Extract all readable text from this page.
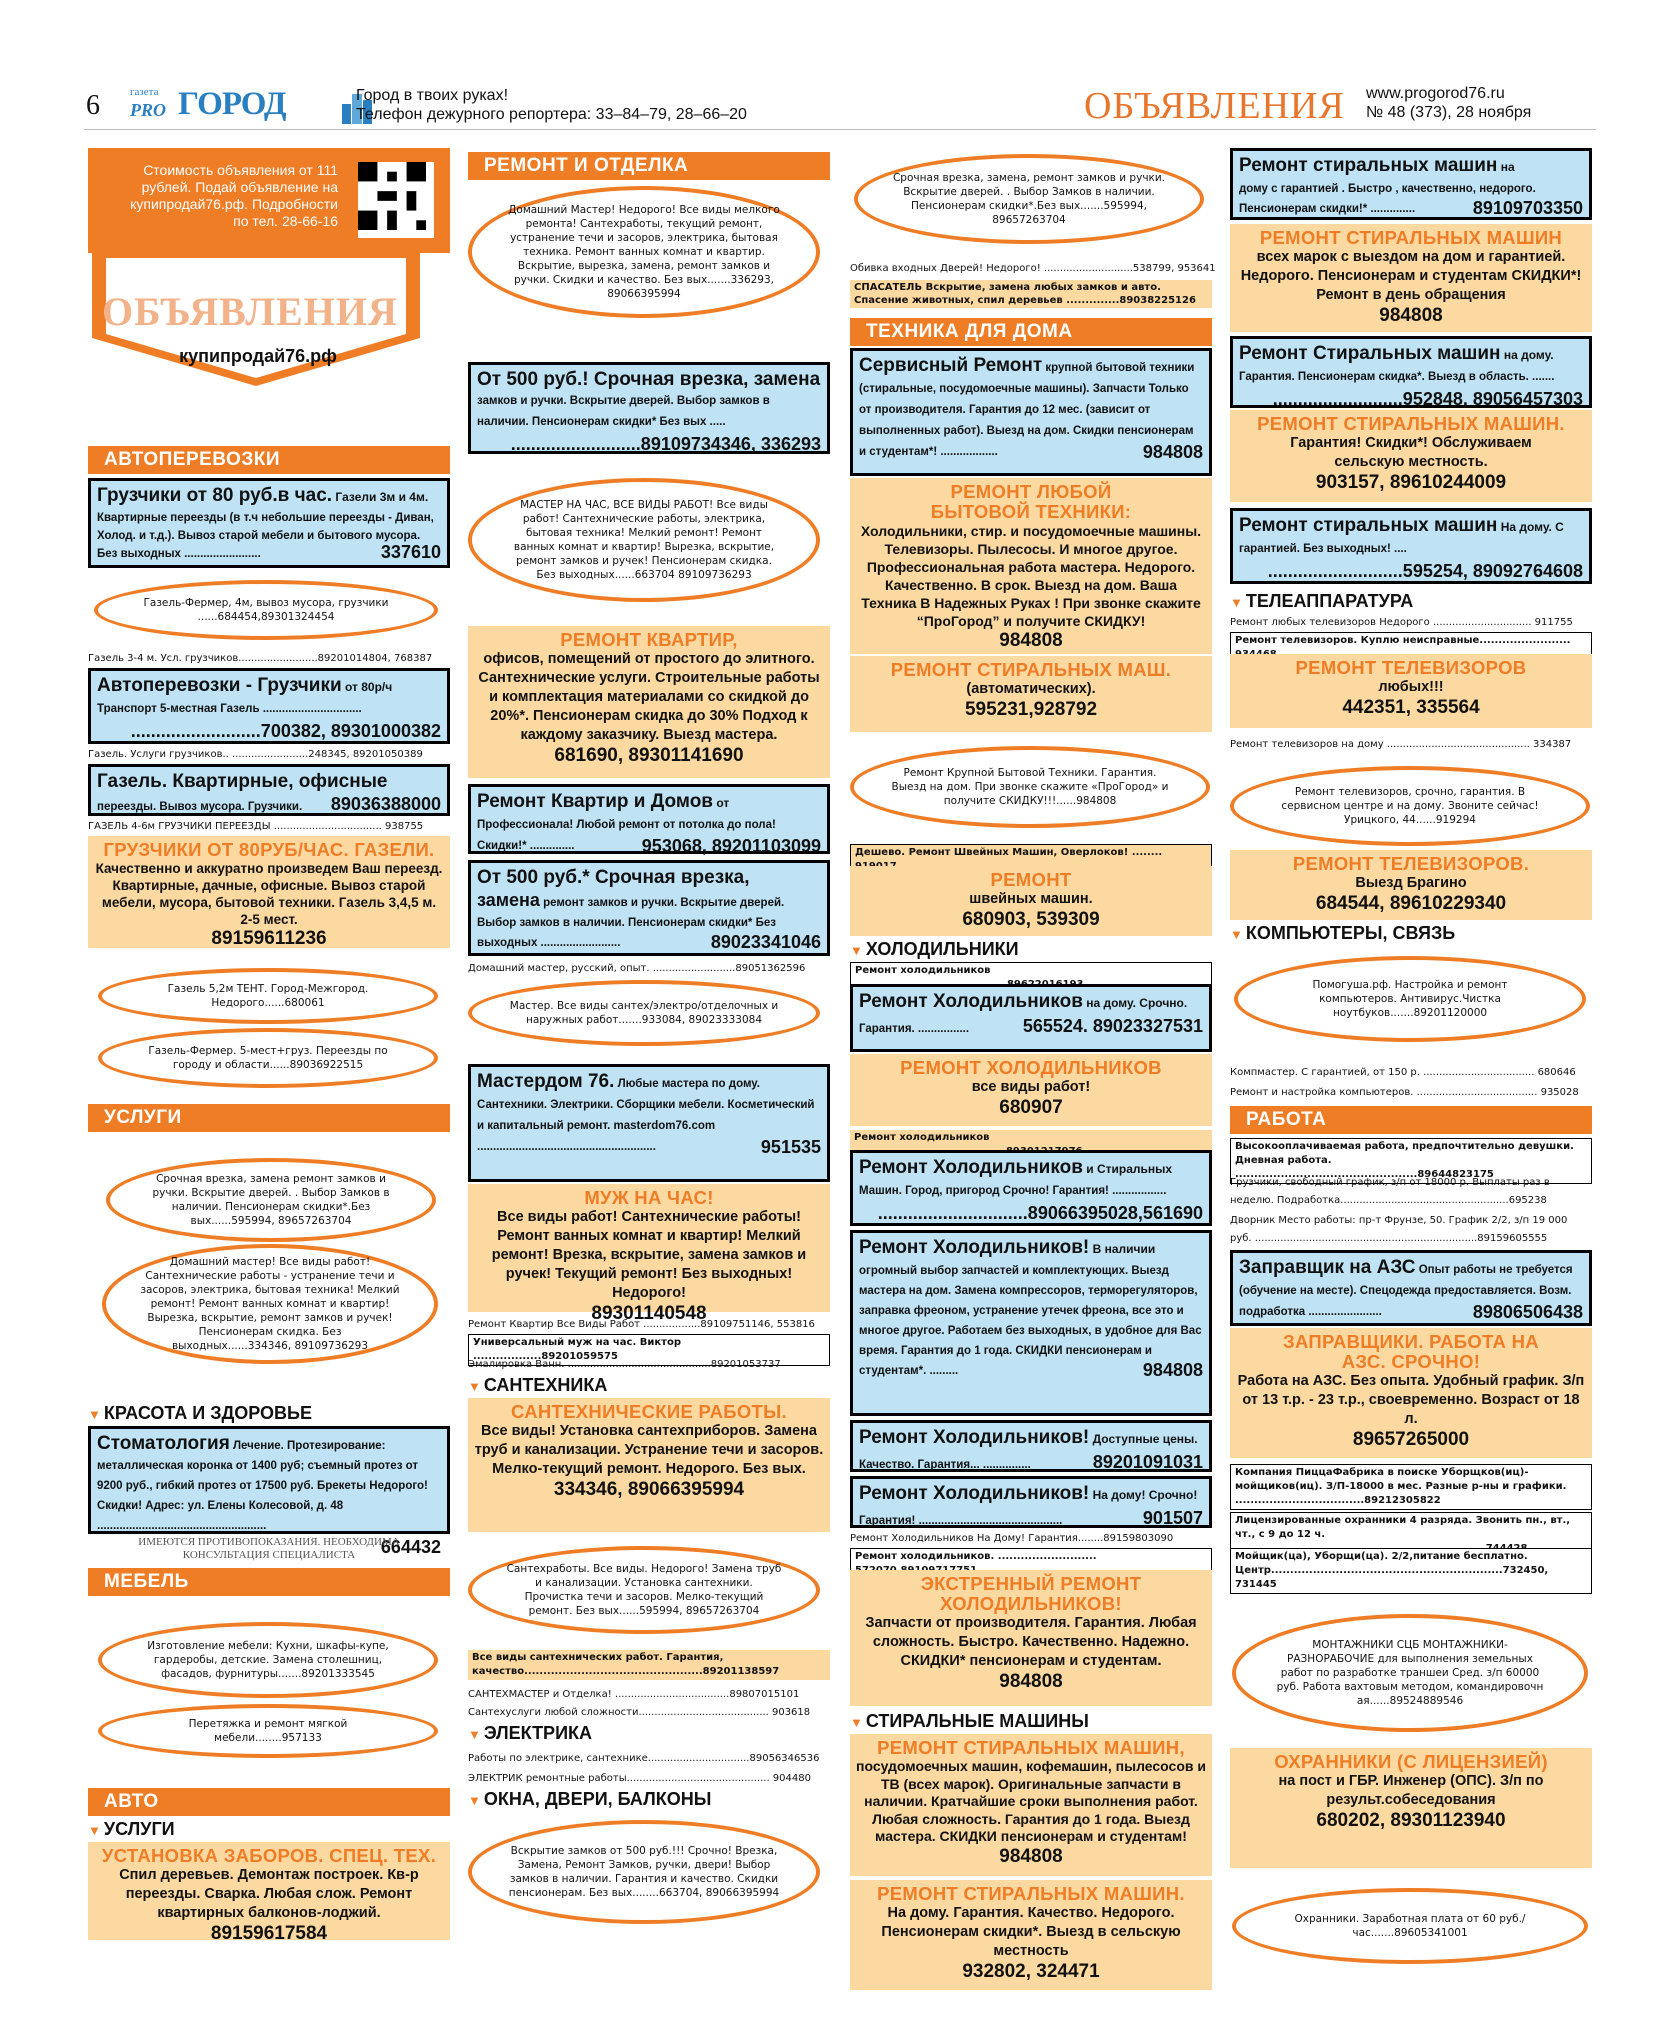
6	газета
PRO ГОРОД	Город в твоих руках!
Телефон дежурного репортера: 33–84–79, 28–66–20	ОБЪЯВЛЕНИЯ www.progorod76.ru
№ 48 (373), 28 ноября
Стоимость объявления от 111 рублей. Подай объявление на купипродай76.рф. Подробности по тел. 28-66-16
ОБЪЯВЛЕНИЯ
купипродай76.рф
АВТОПЕРЕВОЗКИ
Грузчики от 80 руб.в час. Газели 3м и 4м.
Квартирные переезды (в т.ч небольшие переезды - Диван, Холод. и т.д.). Вывоз старой мебели и бытового мусора. Без выходных ........................	337610
Газель-Фермер, 4м, вывоз мусора, грузчики ......684454,89301324454
Газель 3-4 м. Усл. грузчиков.........................89201014804, 768387
Автоперевозки - Грузчики от 80р/ч
Транспорт 5-местная Газель ...............................
..........................700382, 89301000382
Газель. Услуги грузчиков.. ........................248345, 89201050389
Газель. Квартирные, офисные
переезды. Вывоз мусора. Грузчики. 89036388000
ГАЗЕЛЬ 4-6м ГРУЗЧИКИ ПЕРЕЕЗДЫ .................................. 938755
ГРУЗЧИКИ ОТ 80РУБ/ЧАС. ГАЗЕЛИ.
Качественно и аккуратно произведем Ваш переезд. Квартирные, дачные, офисные. Вывоз старой мебели, мусора, бытовой техники. Газель 3,4,5 м. 2-5 мест.
89159611236
Газель 5,2м ТЕНТ. Город-Межгород. Недорого......680061
Газель-Фермер. 5-мест+груз. Переезды по городу и области......89036922515
УСЛУГИ
Срочная врезка, замена ремонт замков и ручки. Вскрытие дверей. . Выбор Замков в наличии. Пенсионерам скидки*.Без вых......595994, 89657263704
Домашний мастер! Все виды работ! Сантехнические работы - устранение течи и засоров, электрика, бытовая техника! Мелкий ремонт! Ремонт ванных комнат и квартир! Вырезка, вскрытие, ремонт замков и ручек! Пенсионерам скидка. Без выходных......334346, 89109736293
▼ КРАСОТА И ЗДОРОВЬЕ
Стоматология Лечение. Протезирование: металлическая коронка от 1400 руб; съемный протез от 9200 руб., гибкий протез от 17500 руб. Брекеты Недорого! Скидки! Адрес: ул. Елены Колесовой, д. 48 .....................................................
664432
ИМЕЮТСЯ ПРОТИВОПОКАЗАНИЯ. НЕОБХОДИМА КОНСУЛЬТАЦИЯ СПЕЦИАЛИСТА
МЕБЕЛЬ
Изготовление мебели: Кухни, шкафы-купе, гардеробы, детские. Замена столешниц, фасадов, фурнитуры.......89201333545
Перетяжка и ремонт мягкой мебели........957133
АВТО
▼ УСЛУГИ
УСТАНОВКА ЗАБОРОВ. СПЕЦ. ТЕХ.
Спил деревьев. Демонтаж построек. Кв-р переезды. Сварка. Любая слож. Ремонт квартирных балконов-лоджий.
89159617584
РЕМОНТ И ОТДЕЛКА
Домашний Мастер! Недорого! Все виды мелкого ремонта! Сантехработы, текущий ремонт, устранение течи и засоров, электрика, бытовая техника. Ремонт ванных комнат и квартир. Вскрытие, вырезка, замена, ремонт замков и ручки. Скидки и качество. Без вых.......336293, 89066395994
От 500 руб.! Срочная врезка, замена
замков и ручки. Вскрытие дверей. Выбор замков в наличии. Пенсионерам скидки* Без вых .....
..........................89109734346, 336293
МАСТЕР НА ЧАС, ВСЕ ВИДЫ РАБОТ! Все виды работ! Сантехнические работы, электрика, бытовая техника! Мелкий ремонт! Ремонт ванных комнат и квартир! Вырезка, вскрытие, ремонт замков и ручек! Пенсионерам скидка. Без выходных......663704 89109736293
РЕМОНТ КВАРТИР,
офисов, помещений от простого до элитного. Сантехнические услуги. Строительные работы и комплектация материалами со скидкой до 20%*. Пенсионерам скидка до 30% Подход к каждому заказчику. Выезд мастера.
681690, 89301141690
Ремонт Квартир и Домов от
Профессионала! Любой ремонт от потолка до пола! Скидки!* ..............	953068, 89201103099
От 500 руб.* Срочная врезка,
замена ремонт замков и ручки. Вскрытие дверей. Выбор замков в наличии. Пенсионерам скидки* Без выходных .........................	89023341046
Домашний мастер, русский, опыт. ..........................89051362596
Мастер. Все виды сантех/электро/отделочных и наружных работ.......933084, 89023333084
Мастердом 76. Любые мастера по дому. Сантехники. Электрики. Сборщики мебели. Косметический и капитальный ремонт. masterdom76.com ........................................................	951535
МУЖ НА ЧАС!
Все виды работ! Сантехнические работы! Ремонт ванных комнат и квартир! Мелкий ремонт! Врезка, вскрытие, замена замков и ручек! Текущий ремонт! Без выходных! Недорого!
89301140548
Ремонт Квартир Все Виды Работ ..................89109751146, 553816
Универсальный муж на час. Виктор ..................89201059575
Эмалировка Ванн. .............................................89201053737
▼ САНТЕХНИКА
САНТЕХНИЧЕСКИЕ РАБОТЫ.
Все виды! Установка сантехприборов. Замена труб и канализации. Устранение течи и засоров. Мелко-текущий ремонт. Недорого. Без вых.
334346, 89066395994
Сантехработы. Все виды. Недорого! Замена труб и канализации. Установка сантехники. Прочистка течи и засоров. Мелко-текущий ремонт. Без вых......595994, 89657263704
Все виды сантехнических работ. Гарантия, качество...............................................89201138597
САНТЕХМАСТЕР и Отделка! ....................................89807015101
Сантехуслуги любой сложности......................................... 903618
▼ ЭЛЕКТРИКА
Работы по электрике, сантехнике................................89056346536
ЭЛЕКТРИК ремонтные работы............................................. 904480
▼ ОКНА, ДВЕРИ, БАЛКОНЫ
Вскрытие замков от 500 руб.!!! Срочно! Врезка, Замена, Ремонт Замков, ручки, двери! Выбор замков в наличии. Гарантия и качество. Скидки пенсионерам. Без вых........663704, 89066395994
Срочная врезка, замена, ремонт замков и ручки. Вскрытие дверей. . Выбор Замков в наличии. Пенсионерам скидки*.Без вых.......595994, 89657263704
Обивка входных Дверей! Недорого! ............................538799, 953641
СПАСАТЕЛЬ Вскрытие, замена любых замков и авто. Спасение животных, спил деревьев ..............89038225126
ТЕХНИКА ДЛЯ ДОМА
Сервисный Ремонт крупной бытовой техники (стиральные, посудомоечные машины). Запчасти Только от производителя. Гарантия до 12 мес. (зависит от выполненных работ). Выезд на дом. Скидки пенсионерам и студентам*! ..................	984808
РЕМОНТ ЛЮБОЙ БЫТОВОЙ ТЕХНИКИ:
Холодильники, стир. и посудомоечные машины. Телевизоры. Пылесосы. И многое другое. Профессиональная работа мастера. Недорого. Качественно. В срок. Выезд на дом. Ваша Техника В Надежных Руках ! При звонке скажите “ПроГород” и получите СКИДКУ!
984808
РЕМОНТ СТИРАЛЬНЫХ МАШ.
(автоматических).
595231,928792
Ремонт Крупной Бытовой Техники. Гарантия. Выезд на дом. При звонке скажите «ПроГород» и получите СКИДКУ!!!......984808
Дешево. Ремонт Швейных Машин, Оверлоков! ........
РЕМОНТ
швейных машин.
680903, 539309
▼ ХОЛОДИЛЬНИКИ
Ремонт холодильников
Ремонт Холодильников на дому. Срочно.
Гарантия. ................	565524. 89023327531
РЕМОНТ ХОЛОДИЛЬНИКОВ
все виды работ!
680907
Ремонт холодильников
Ремонт Холодильников и Стиральных
Машин. Город, пригород Срочно! Гарантия! .................
..............................89066395028,561690
Ремонт Холодильников! В наличии
огромный выбор запчастей и комплектующих. Выезд мастера на дом. Замена компрессоров, терморегуляторов, заправка фреоном, устранение утечек фреона, все это и многое другое. Работаем без выходных, в удобное для Вас время. Гарантия до 1 года. СКИДКИ пенсионерам и студентам*. .........	984808
Ремонт Холодильников! Доступные цены.
Качество. Гарантия... ...............	89201091031
Ремонт Холодильников! На дому! Срочно!
Гарантия! .............................................	901507
Ремонт Холодильников На Дому! Гарантия........89159803090
Ремонт холодильников. ..........................
ЭКСТРЕННЫЙ РЕМОНТ ХОЛОДИЛЬНИКОВ!
Запчасти от производителя. Гарантия. Любая сложность. Быстро. Качественно. Надежно. СКИДКИ* пенсионерам и студентам.
984808
▼ СТИРАЛЬНЫЕ МАШИНЫ
РЕМОНТ СТИРАЛЬНЫХ МАШИН,
посудомоечных машин, кофемашин, пылесосов и ТВ (всех марок). Оригинальные запчасти в наличии. Кратчайшие сроки выполнения работ. Любая сложность. Гарантия до 1 года. Выезд мастера. СКИДКИ пенсионерам и студентам!
984808
РЕМОНТ СТИРАЛЬНЫХ МАШИН.
На дому. Гарантия. Качество. Недорого. Пенсионерам скидки*. Выезд в сельскую местность
932802, 324471
Ремонт стиральных машин на
дому с гарантией . Быстро , качественно, недорого. Пенсионерам скидки!* ..............	89109703350
РЕМОНТ СТИРАЛЬНЫХ МАШИН
всех марок с выездом на дом и гарантией. Недорого. Пенсионерам и студентам СКИДКИ*! Ремонт в день обращения
984808
Ремонт Стиральных машин на дому.
Гарантия. Пенсионерам скидка*. Выезд в область. .......
..........................952848, 89056457303
РЕМОНТ СТИРАЛЬНЫХ МАШИН.
Гарантия! Скидки*! Обслуживаем сельскую местность.
903157, 89610244009
Ремонт стиральных машин На дому. С
гарантией. Без выходных! ....
...........................595254, 89092764608
▼ ТЕЛЕАППАРАТУРА
Ремонт любых телевизоров Недорого ............................... 911755
Ремонт телевизоров. Куплю неисправные........................
РЕМОНТ ТЕЛЕВИЗОРОВ
любых!!!
442351, 335564
Ремонт телевизоров на дому ............................................. 334387
Ремонт телевизоров, срочно, гарантия. В сервисном центре и на дому. Звоните сейчас! Урицкого, 44......919294
РЕМОНТ ТЕЛЕВИЗОРОВ.
Выезд Брагино
684544, 89610229340
▼ КОМПЬЮТЕРЫ, СВЯЗЬ
Помогуша.рф. Настройка и ремонт компьютеров. Антивирус.Чистка ноутбуков.......89201120000
Компмастер. С гарантией, от 150 р. ................................... 680646
Ремонт и настройка компьютеров. ...................................... 935028
РАБОТА
Высокооплачиваемая работа, предпочтительно девушки. Дневная работа. ................................................89644823175
Грузчики, свободный график, з/п от 18000 р. Выплаты раз в неделю. Подработка.....................................................695238
Дворник Место работы: пр-т Фрунзе, 50. График 2/2, з/п 19 000 руб. ......................................................................89159605555
Заправщик на АЗС Опыт работы не требуется (обучение на месте). Спецодежда предоставляется. Возм. подработка .......................	89806506438
ЗАПРАВЩИКИ. РАБОТА НА АЗС. СРОЧНО!
Работа на АЗС. Без опыта. Удобный график. З/п от 13 т.р. - 23 т.р., своевременно. Возраст от 18 л.
89657265000
Компания ПиццаФабрика в поиске Уборщков(иц)-мойщиков(иц). З/П-18000 в мес. Разные р-ны и графики. ..................................89212305822
Лицензированные охранники 4 разряда. Звонить пн., вт., чт., с 9 до 12 ч.
Мойщик(ца), Уборщи(ца). 2/2,питание бесплатно. Центр.............................................................732450, 731445
МОНТАЖНИКИ СЦБ МОНТАЖНИКИ-РАЗНОРАБОЧИЕ для выполнения земельных работ по разработке траншеи Сред. з/п 60000 руб. Работа вахтовым методом, командировочн ая......89524889546
ОХРАННИКИ (С ЛИЦЕНЗИЕЙ)
на пост и ГБР. Инженер (ОПС). З/п по результ.собеседования
680202, 89301123940
Охранники. Заработная плата от 60 руб./ час.......89605341001
